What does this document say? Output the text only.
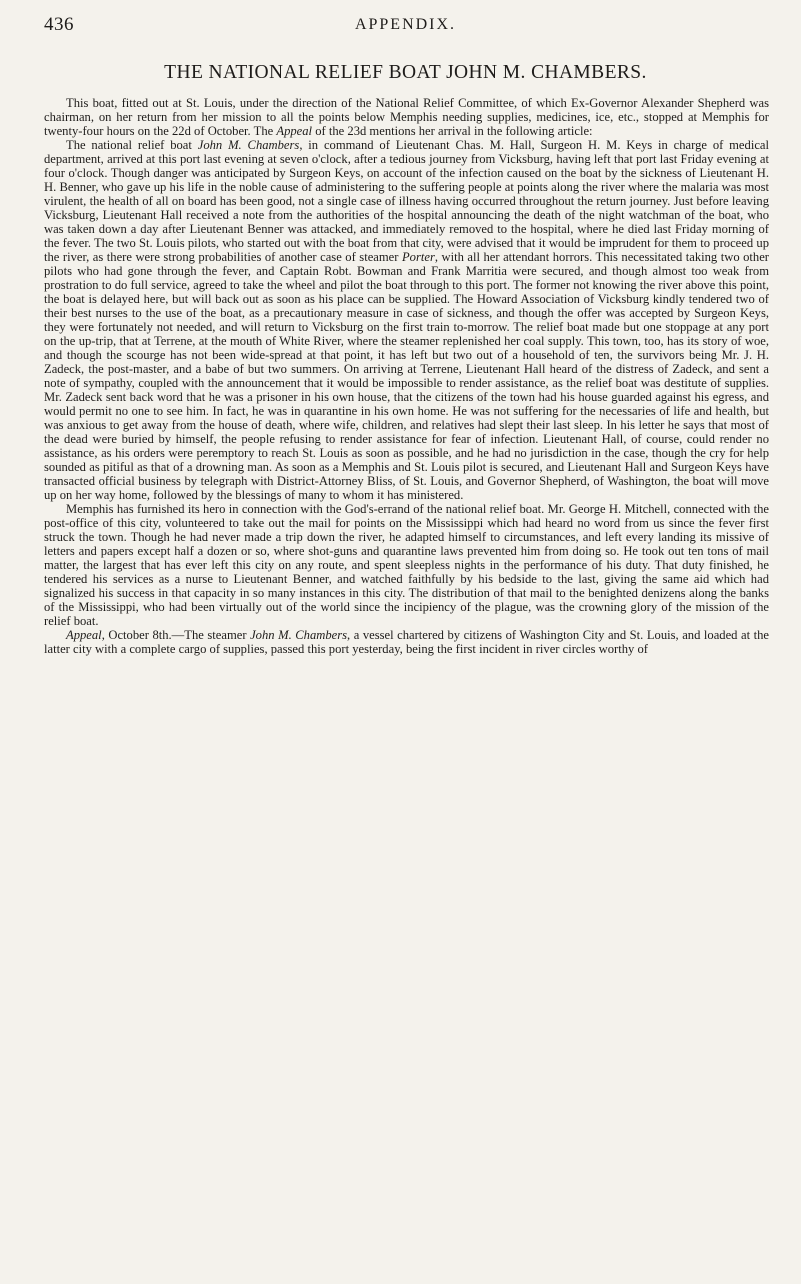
436	APPENDIX.
THE NATIONAL RELIEF BOAT JOHN M. CHAMBERS.

This boat, fitted out at St. Louis, under the direction of the National Relief Committee, of which Ex-Governor Alexander Shepherd was chairman, on her return from her mission to all the points below Memphis needing supplies, medicines, ice, etc., stopped at Memphis for twenty-four hours on the 22d of October. The Appeal of the 23d mentions her arrival in the following article:

The national relief boat John M. Chambers, in command of Lieutenant Chas. M. Hall, Surgeon H. M. Keys in charge of medical department, arrived at this port last evening at seven o'clock, after a tedious journey from Vicksburg, having left that port last Friday evening at four o'clock. Though danger was anticipated by Surgeon Keys, on account of the infection caused on the boat by the sickness of Lieutenant H. H. Benner, who gave up his life in the noble cause of administering to the suffering people at points along the river where the malaria was most virulent, the health of all on board has been good, not a single case of illness having occurred throughout the return journey. Just before leaving Vicksburg, Lieutenant Hall received a note from the authorities of the hospital announcing the death of the night watchman of the boat, who was taken down a day after Lieutenant Benner was attacked, and immediately removed to the hospital, where he died last Friday morning of the fever. The two St. Louis pilots, who started out with the boat from that city, were advised that it would be imprudent for them to proceed up the river, as there were strong probabilities of another case of steamer Porter, with all her attendant horrors. This necessitated taking two other pilots who had gone through the fever, and Captain Robt. Bowman and Frank Marritia were secured, and though almost too weak from prostration to do full service, agreed to take the wheel and pilot the boat through to this port. The former not knowing the river above this point, the boat is delayed here, but will back out as soon as his place can be supplied. The Howard Association of Vicksburg kindly tendered two of their best nurses to the use of the boat, as a precautionary measure in case of sickness, and though the offer was accepted by Surgeon Keys, they were fortunately not needed, and will return to Vicksburg on the first train to-morrow. The relief boat made but one stoppage at any port on the up-trip, that at Terrene, at the mouth of White River, where the steamer replenished her coal supply. This town, too, has its story of woe, and though the scourge has not been wide-spread at that point, it has left but two out of a household of ten, the survivors being Mr. J. H. Zadeck, the post-master, and a babe of but two summers. On arriving at Terrene, Lieutenant Hall heard of the distress of Zadeck, and sent a note of sympathy, coupled with the announcement that it would be impossible to render assistance, as the relief boat was destitute of supplies. Mr. Zadeck sent back word that he was a prisoner in his own house, that the citizens of the town had his house guarded against his egress, and would permit no one to see him. In fact, he was in quarantine in his own home. He was not suffering for the necessaries of life and health, but was anxious to get away from the house of death, where wife, children, and relatives had slept their last sleep. In his letter he says that most of the dead were buried by himself, the people refusing to render assistance for fear of infection. Lieutenant Hall, of course, could render no assistance, as his orders were peremptory to reach St. Louis as soon as possible, and he had no jurisdiction in the case, though the cry for help sounded as pitiful as that of a drowning man. As soon as a Memphis and St. Louis pilot is secured, and Lieutenant Hall and Surgeon Keys have transacted official business by telegraph with District-Attorney Bliss, of St. Louis, and Governor Shepherd, of Washington, the boat will move up on her way home, followed by the blessings of many to whom it has ministered.

Memphis has furnished its hero in connection with the God's-errand of the national relief boat. Mr. George H. Mitchell, connected with the post-office of this city, volunteered to take out the mail for points on the Mississippi which had heard no word from us since the fever first struck the town. Though he had never made a trip down the river, he adapted himself to circumstances, and left every landing its missive of letters and papers except half a dozen or so, where shot-guns and quarantine laws prevented him from doing so. He took out ten tons of mail matter, the largest that has ever left this city on any route, and spent sleepless nights in the performance of his duty. That duty finished, he tendered his services as a nurse to Lieutenant Benner, and watched faithfully by his bedside to the last, giving the same aid which had signalized his success in that capacity in so many instances in this city. The distribution of that mail to the benighted denizens along the banks of the Mississippi, who had been virtually out of the world since the incipiency of the plague, was the crowning glory of the mission of the relief boat.

Appeal, October 8th.—The steamer John M. Chambers, a vessel chartered by citizens of Washington City and St. Louis, and loaded at the latter city with a complete cargo of supplies, passed this port yesterday, being the first incident in river circles worthy of
